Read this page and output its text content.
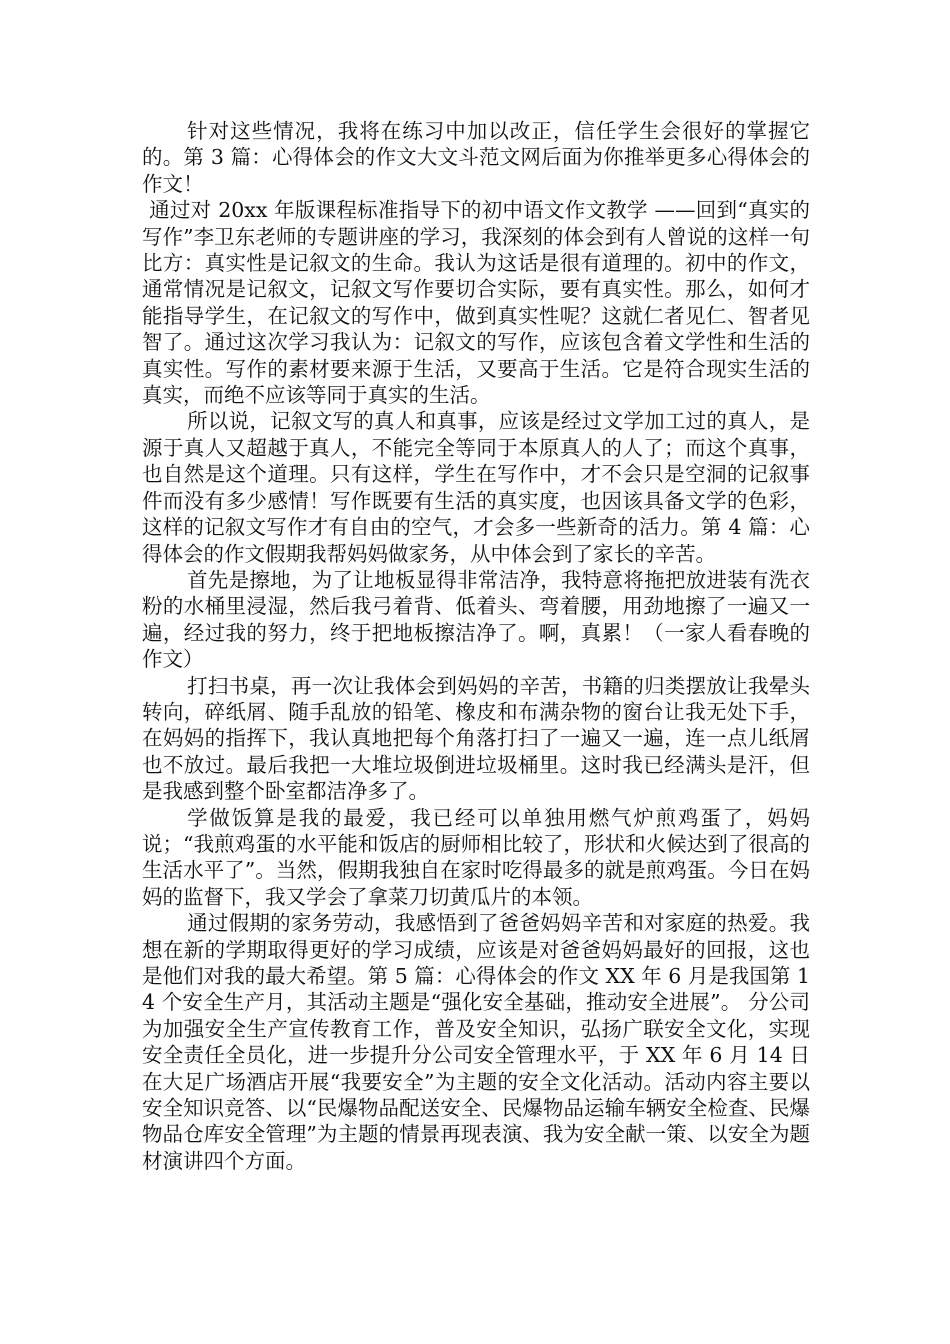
针对这些情况，我将在练习中加以改正，信任学生会很好的掌握它的。第 3 篇：心得体会的作文大文斗范文网后面为你推举更多心得体会的作文！

通过对 20xx 年版课程标准指导下的初中语文作文教学 ——回到“真实的写作”李卫东老师的专题讲座的学习，我深刻的体会到有人曾说的这样一句比方：真实性是记叙文的生命。我认为这话是很有道理的。初中的作文，通常情况是记叙文，记叙文写作要切合实际，要有真实性。那么，如何才能指导学生，在记叙文的写作中，做到真实性呢？这就仁者见仁、智者见智了。通过这次学习我认为：记叙文的写作，应该包含着文学性和生活的真实性。写作的素材要来源于生活，又要高于生活。它是符合现实生活的真实，而绝不应该等同于真实的生活。

所以说，记叙文写的真人和真事，应该是经过文学加工过的真人，是源于真人又超越于真人，不能完全等同于本原真人的人了；而这个真事，也自然是这个道理。只有这样，学生在写作中，才不会只是空洞的记叙事件而没有多少感情！写作既要有生活的真实度，也因该具备文学的色彩，这样的记叙文写作才有自由的空气，才会多一些新奇的活力。第 4 篇：心得体会的作文假期我帮妈妈做家务，从中体会到了家长的辛苦。

首先是擦地，为了让地板显得非常洁净，我特意将拖把放进装有洗衣粉的水桶里浸湿，然后我弓着背、低着头、弯着腰，用劲地擦了一遍又一遍，经过我的努力，终于把地板擦洁净了。啊，真累！（一家人看春晚的作文）

打扫书桌，再一次让我体会到妈妈的辛苦，书籍的归类摆放让我晕头转向，碎纸屑、随手乱放的铅笔、橡皮和布满杂物的窗台让我无处下手，在妈妈的指挥下，我认真地把每个角落打扫了一遍又一遍，连一点儿纸屑也不放过。最后我把一大堆垃圾倒进垃圾桶里。这时我已经满头是汗，但是我感到整个卧室都洁净多了。

学做饭算是我的最爱，我已经可以单独用燃气炉煎鸡蛋了，妈妈说；“我煎鸡蛋的水平能和饭店的厨师相比较了，形状和火候达到了很高的生活水平了”。当然，假期我独自在家时吃得最多的就是煎鸡蛋。今日在妈妈的监督下，我又学会了拿菜刀切黄瓜片的本领。

通过假期的家务劳动，我感悟到了爸爸妈妈辛苦和对家庭的热爱。我想在新的学期取得更好的学习成绩，应该是对爸爸妈妈最好的回报，这也是他们对我的最大希望。第 5 篇：心得体会的作文 XX 年 6 月是我国第 14 个安全生产月，其活动主题是“强化安全基础，推动安全进展”。 分公司为加强安全生产宣传教育工作，普及安全知识，弘扬广联安全文化，实现安全责任全员化，进一步提升分公司安全管理水平，于 XX 年 6 月 14 日在大足广场酒店开展“我要安全”为主题的安全文化活动。活动内容主要以安全知识竞答、以“民爆物品配送安全、民爆物品运输车辆安全检查、民爆物品仓库安全管理”为主题的情景再现表演、我为安全献一策、以安全为题材演讲四个方面。
